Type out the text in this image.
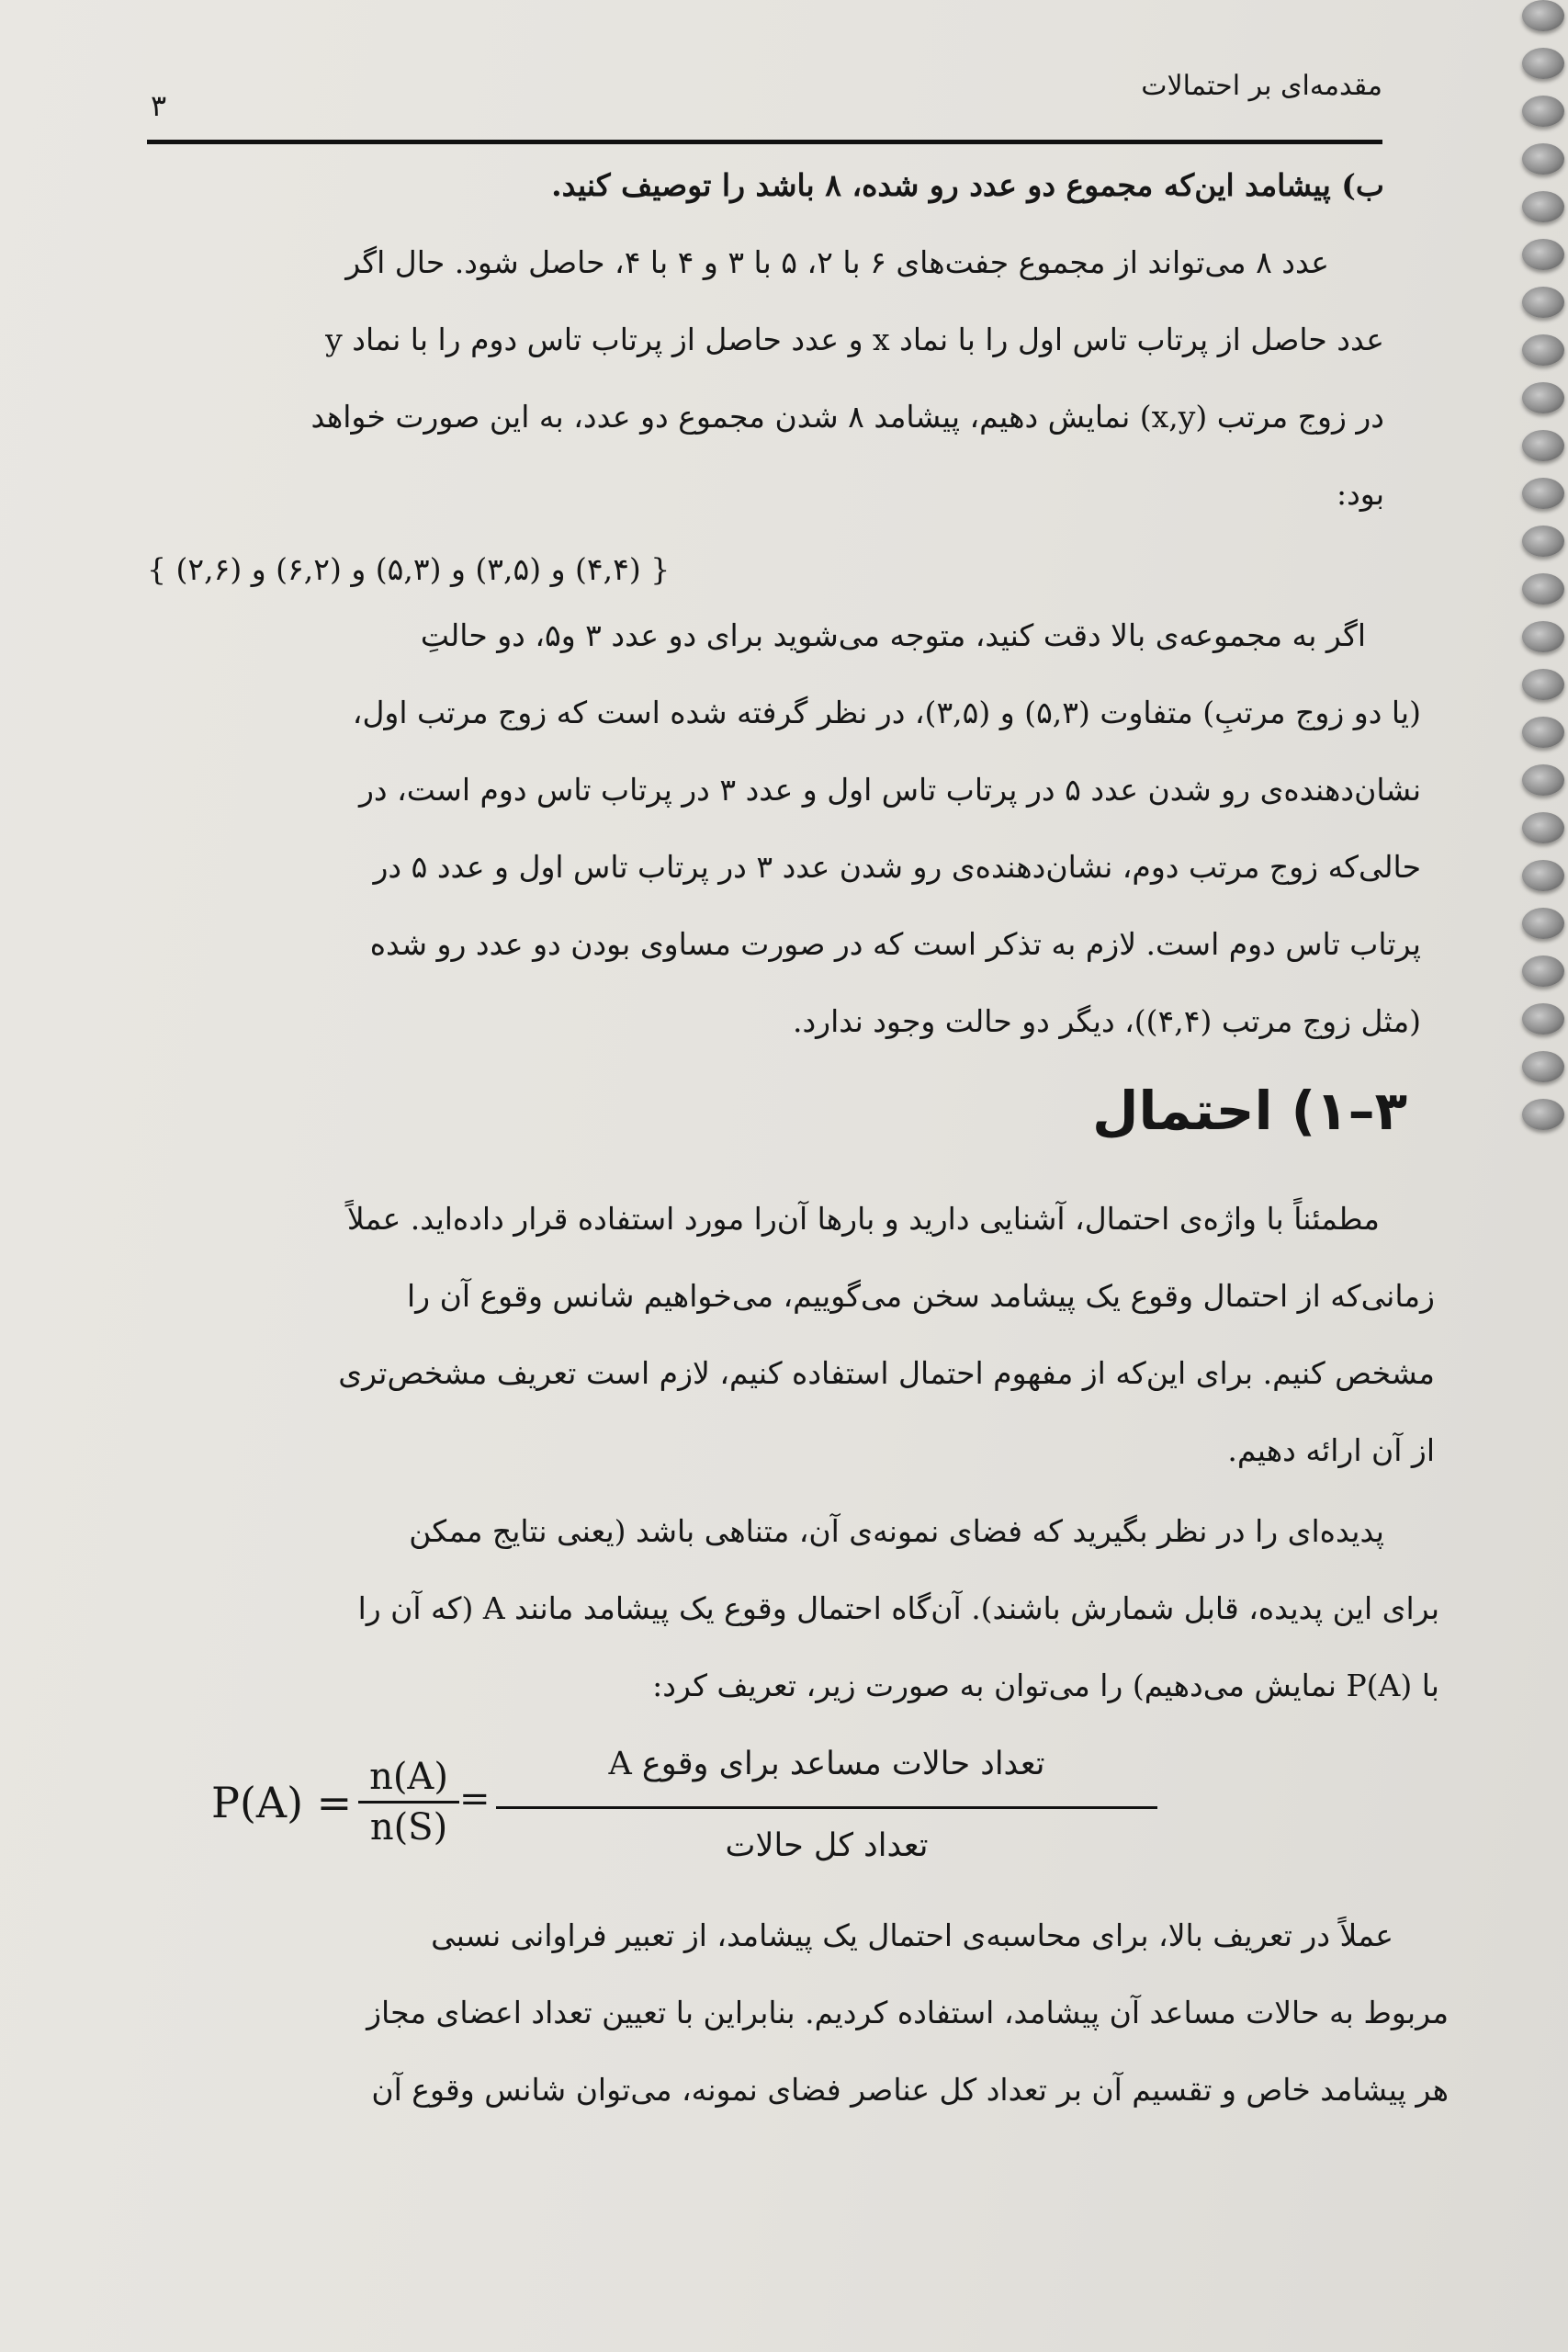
مقدمه‌ای بر احتمالات
۳
ب) پیشامد این‌که مجموع دو عدد رو شده، ۸ باشد را توصیف کنید.
عدد ۸ می‌تواند از مجموع جفت‌های ۶ با ۲، ۵ با ۳ و ۴ با ۴، حاصل شود. حال اگر
عدد حاصل از پرتاب تاس اول را با نماد x و عدد حاصل از پرتاب تاس دوم را با نماد y
در زوج مرتب (x,y) نمایش دهیم، پیشامد ۸ شدن مجموع دو عدد، به این صورت خواهد
بود:
{ (۴,۴) و (۳,۵) و (۵,۳) و (۶,۲) و (۲,۶) }
اگر به مجموعه‌ی بالا دقت کنید، متوجه می‌شوید برای دو عدد ۳ و۵، دو حالتِ
(یا دو زوج مرتبِ) متفاوت (۵,۳) و (۳,۵)، در نظر گرفته شده است که زوج مرتب اول،
نشان‌دهنده‌ی رو شدن عدد ۵ در پرتاب تاس اول و عدد ۳ در پرتاب تاس دوم است، در
حالی‌که زوج مرتب دوم، نشان‌دهنده‌ی رو شدن عدد ۳ در پرتاب تاس اول و عدد ۵ در
پرتاب تاس دوم است. لازم به تذکر است که در صورت مساوی بودن دو عدد رو شده
(مثل زوج مرتب (۴,۴))، دیگر دو حالت وجود ندارد.
۳–۱) احتمال
مطمئناً با واژه‌ی احتمال، آشنایی دارید و بارها آن‌را مورد استفاده قرار داده‌اید. عملاً
زمانی‌که از احتمال وقوع یک پیشامد سخن می‌گوییم، می‌خواهیم شانس وقوع آن را
مشخص کنیم. برای این‌که از مفهوم احتمال استفاده کنیم، لازم است تعریف مشخص‌تری
از آن ارائه دهیم.
پدیده‌ای را در نظر بگیرید که فضای نمونه‌ی آن، متناهی باشد (یعنی نتایج ممکن
برای این پدیده، قابل شمارش باشند). آن‌گاه احتمال وقوع یک پیشامد مانند A (که آن را
با P(A) نمایش می‌دهیم) را می‌توان به صورت زیر، تعریف کرد:
$P(A) = \frac{n(A)}{n(S)}$ =
تعداد حالات مساعد برای وقوع A
تعداد کل حالات
عملاً در تعریف بالا، برای محاسبه‌ی احتمال یک پیشامد، از تعبیر فراوانی نسبی
مربوط به حالات مساعد آن پیشامد، استفاده کردیم. بنابراین با تعیین تعداد اعضای مجاز
هر پیشامد خاص و تقسیم آن بر تعداد کل عناصر فضای نمونه، می‌توان شانس وقوع آن
